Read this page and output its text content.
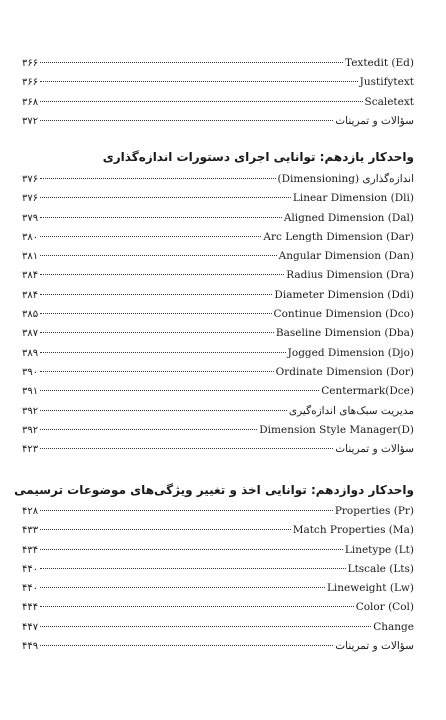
۳۶۶	Textedit (Ed)
۳۶۶	Justifytext
۳۶۸	Scaletext
۳۷۲	سؤالات و تمرینات
واحدکار یازدهم: توانایی اجرای دستورات اندازه‌گذاری
۳۷۶	اندازه‌گذاری (Dimensioning)
۳۷۶	Linear Dimension (Dli)
۳۷۹	Aligned Dimension (Dal)
۳۸۰	Arc Length Dimension (Dar)
۳۸۱	Angular Dimension (Dan)
۳۸۴	Radius Dimension (Dra)
۳۸۴	Diameter Dimension (Ddi)
۳۸۵	Continue Dimension (Dco)
۳۸۷	Baseline Dimension (Dba)
۳۸۹	Jogged Dimension (Djo)
۳۹۰	Ordinate Dimension (Dor)
۳۹۱	Centermark(Dce)
۳۹۲	مدیریت سبک‌های اندازه‌گیری
۳۹۲	Dimension Style Manager(D)
۴۲۳	سؤالات و تمرینات
واحدکار دوازدهم: توانایی اخذ و تغییر ویژگی‌های موضوعات ترسیمی
۴۲۸	Properties (Pr)
۴۳۳	Match Properties (Ma)
۴۳۴	Linetype (Lt)
۴۴۰	Ltscale (Lts)
۴۴۰	Lineweight (Lw)
۴۴۴	Color (Col)
۴۴۷	Change
۴۴۹	سؤالات و تمرینات
